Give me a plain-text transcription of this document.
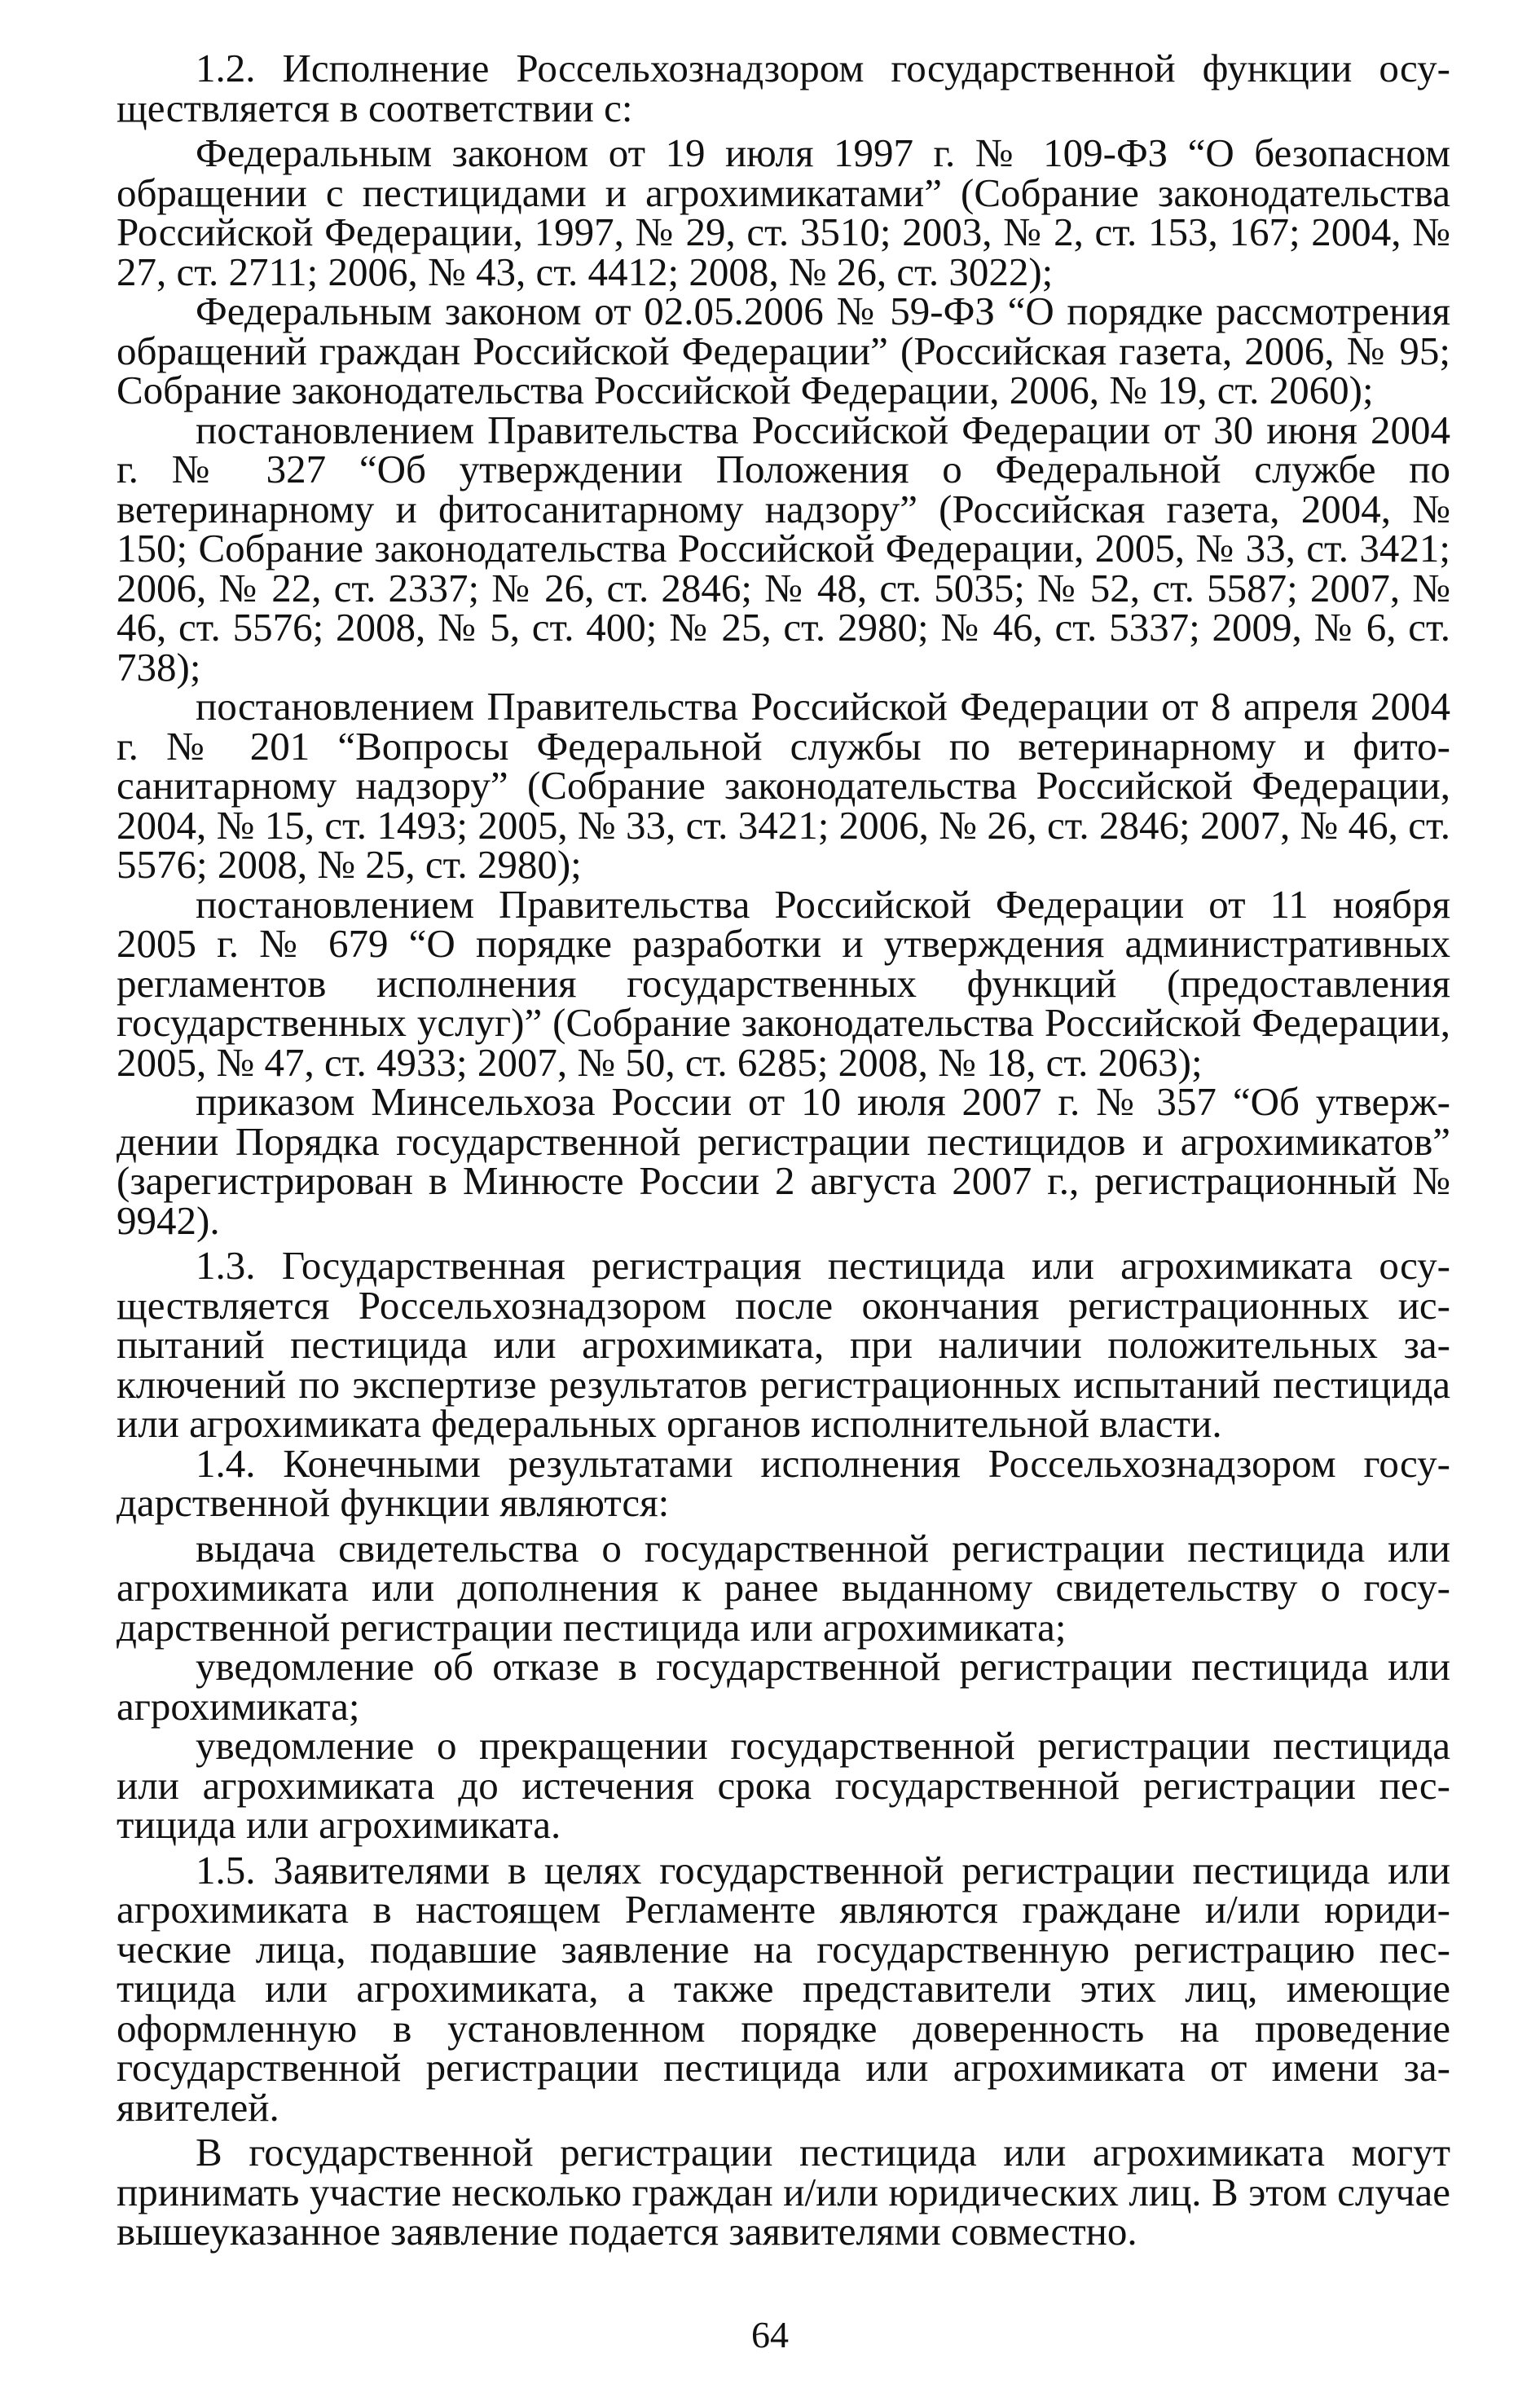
1.2. Исполнение Россельхознадзором государственной функции осуществляется в соответствии с:

Федеральным законом от 19 июля 1997 г. № 109-ФЗ “О безопасном обращении с пестицидами и агрохимикатами” (Собрание законодательства Российской Федерации, 1997, № 29, ст. 3510; 2003, № 2, ст. 153, 167; 2004, № 27, ст. 2711; 2006, № 43, ст. 4412; 2008, № 26, ст. 3022);

Федеральным законом от 02.05.2006 № 59-ФЗ “О порядке рассмотрения обращений граждан Российской Федерации” (Российская газета, 2006, № 95; Собрание законодательства Российской Федерации, 2006, № 19, ст. 2060);

постановлением Правительства Российской Федерации от 30 июня 2004 г. № 327 “Об утверждении Положения о Федеральной службе по ветеринарному и фитосанитарному надзору” (Российская газета, 2004, № 150; Собрание законодательства Российской Федерации, 2005, № 33, ст. 3421; 2006, № 22, ст. 2337; № 26, ст. 2846; № 48, ст. 5035; № 52, ст. 5587; 2007, № 46, ст. 5576; 2008, № 5, ст. 400; № 25, ст. 2980; № 46, ст. 5337; 2009, № 6, ст. 738);

постановлением Правительства Российской Федерации от 8 апреля 2004 г. № 201 “Вопросы Федеральной службы по ветеринарному и фитосанитарному надзору” (Собрание законодательства Российской Федерации, 2004, № 15, ст. 1493; 2005, № 33, ст. 3421; 2006, № 26, ст. 2846; 2007, № 46, ст. 5576; 2008, № 25, ст. 2980);

постановлением Правительства Российской Федерации от 11 ноября 2005 г. № 679 “О порядке разработки и утверждения административных регламентов исполнения государственных функций (предоставления государственных услуг)” (Собрание законодательства Российской Федерации, 2005, № 47, ст. 4933; 2007, № 50, ст. 6285; 2008, № 18, ст. 2063);

приказом Минсельхоза России от 10 июля 2007 г. № 357 “Об утверждении Порядка государственной регистрации пестицидов и агрохимикатов” (зарегистрирован в Минюсте России 2 августа 2007 г., регистрационный № 9942).

1.3. Государственная регистрация пестицида или агрохимиката осуществляется Россельхознадзором после окончания регистрационных испытаний пестицида или агрохимиката, при наличии положительных заключений по экспертизе результатов регистрационных испытаний пестицида или агрохимиката федеральных органов исполнительной власти.

1.4. Конечными результатами исполнения Россельхознадзором государственной функции являются:

выдача свидетельства о государственной регистрации пестицида или агрохимиката или дополнения к ранее выданному свидетельству о государственной регистрации пестицида или агрохимиката;

уведомление об отказе в государственной регистрации пестицида или агрохимиката;

уведомление о прекращении государственной регистрации пестицида или агрохимиката до истечения срока государственной регистрации пестицида или агрохимиката.

1.5. Заявителями в целях государственной регистрации пестицида или агрохимиката в настоящем Регламенте являются граждане и/или юридические лица, подавшие заявление на государственную регистрацию пестицида или агрохимиката, а также представители этих лиц, имеющие оформленную в установленном порядке доверенность на проведение государственной регистрации пестицида или агрохимиката от имени заявителей.

В государственной регистрации пестицида или агрохимиката могут принимать участие несколько граждан и/или юридических лиц. В этом случае вышеуказанное заявление подается заявителями совместно.

64
